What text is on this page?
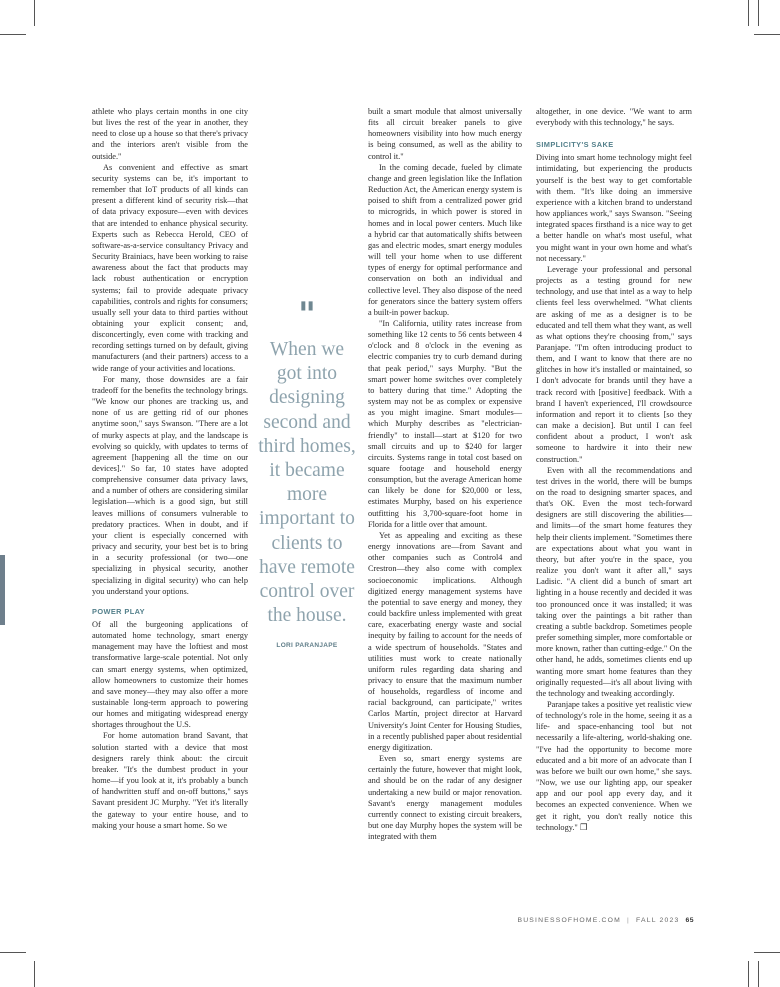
athlete who plays certain months in one city but lives the rest of the year in another, they need to close up a house so that there's privacy and the interiors aren't visible from the outside."

As convenient and effective as smart security systems can be, it's important to remember that IoT products of all kinds can present a different kind of security risk—that of data privacy exposure—even with devices that are intended to enhance physical security. Experts such as Rebecca Herold, CEO of software-as-a-service consultancy Privacy and Security Brainiacs, have been working to raise awareness about the fact that products may lack robust authentication or encryption systems; fail to provide adequate privacy capabilities, controls and rights for consumers; usually sell your data to third parties without obtaining your explicit consent; and, disconcertingly, even come with tracking and recording settings turned on by default, giving manufacturers (and their partners) access to a wide range of your activities and locations.

For many, those downsides are a fair tradeoff for the benefits the technology brings. "We know our phones are tracking us, and none of us are getting rid of our phones anytime soon," says Swanson. "There are a lot of murky aspects at play, and the landscape is evolving so quickly, with updates to terms of agreement [happening all the time on our devices]." So far, 10 states have adopted comprehensive consumer data privacy laws, and a number of others are considering similar legislation—which is a good sign, but still leaves millions of consumers vulnerable to predatory practices. When in doubt, and if your client is especially concerned with privacy and security, your best bet is to bring in a security professional (or two—one specializing in physical security, another specializing in digital security) who can help you understand your options.

POWER PLAY

Of all the burgeoning applications of automated home technology, smart energy management may have the loftiest and most transformative large-scale potential. Not only can smart energy systems, when optimized, allow homeowners to customize their homes and save money—they may also offer a more sustainable long-term approach to powering our homes and mitigating widespread energy shortages throughout the U.S.

For home automation brand Savant, that solution started with a device that most designers rarely think about: the circuit breaker. "It's the dumbest product in your home—if you look at it, it's probably a bunch of handwritten stuff and on-off buttons," says Savant president JC Murphy. "Yet it's literally the gateway to your entire house, and to making your house a smart home. So we

"
When we got into designing second and third homes, it became more important to clients to have remote control over the house.
LORI PARANJAPE

built a smart module that almost universally fits all circuit breaker panels to give homeowners visibility into how much energy is being consumed, as well as the ability to control it."

In the coming decade, fueled by climate change and green legislation like the Inflation Reduction Act, the American energy system is poised to shift from a centralized power grid to microgrids, in which power is stored in homes and in local power centers. Much like a hybrid car that automatically shifts between gas and electric modes, smart energy modules will tell your home when to use different types of energy for optimal performance and conservation on both an individual and collective level. They also dispose of the need for generators since the battery system offers a built-in power backup.

"In California, utility rates increase from something like 12 cents to 56 cents between 4 o'clock and 8 o'clock in the evening as electric companies try to curb demand during that peak period," says Murphy. "But the smart power home switches over completely to battery during that time." Adopting the system may not be as complex or expensive as you might imagine. Smart modules—which Murphy describes as "electrician-friendly" to install—start at $120 for two small circuits and up to $240 for larger circuits. Systems range in total cost based on square footage and household energy consumption, but the average American home can likely be done for $20,000 or less, estimates Murphy, based on his experience outfitting his 3,700-square-foot home in Florida for a little over that amount.

Yet as appealing and exciting as these energy innovations are—from Savant and other companies such as Control4 and Crestron—they also come with complex socioeconomic implications. Although digitized energy management systems have the potential to save energy and money, they could backfire unless implemented with great care, exacerbating energy waste and social inequity by failing to account for the needs of a wide spectrum of households. "States and utilities must work to create nationally uniform rules regarding data sharing and privacy to ensure that the maximum number of households, regardless of income and racial background, can participate," writes Carlos Martín, project director at Harvard University's Joint Center for Housing Studies, in a recently published paper about residential energy digitization.

Even so, smart energy systems are certainly the future, however that might look, and should be on the radar of any designer undertaking a new build or major renovation. Savant's energy management modules currently connect to existing circuit breakers, but one day Murphy hopes the system will be integrated with them

altogether, in one device. "We want to arm everybody with this technology," he says.

SIMPLICITY'S SAKE

Diving into smart home technology might feel intimidating, but experiencing the products yourself is the best way to get comfortable with them. "It's like doing an immersive experience with a kitchen brand to understand how appliances work," says Swanson. "Seeing integrated spaces firsthand is a nice way to get a better handle on what's most useful, what you might want in your own home and what's not necessary."

Leverage your professional and personal projects as a testing ground for new technology, and use that intel as a way to help clients feel less overwhelmed. "What clients are asking of me as a designer is to be educated and tell them what they want, as well as what options they're choosing from," says Paranjape. "I'm often introducing product to them, and I want to know that there are no glitches in how it's installed or maintained, so I don't advocate for brands until they have a track record with [positive] feedback. With a brand I haven't experienced, I'll crowdsource information and report it to clients [so they can make a decision]. But until I can feel confident about a product, I won't ask someone to hardwire it into their new construction."

Even with all the recommendations and test drives in the world, there will be bumps on the road to designing smarter spaces, and that's OK. Even the most tech-forward designers are still discovering the abilities—and limits—of the smart home features they help their clients implement. "Sometimes there are expectations about what you want in theory, but after you're in the space, you realize you don't want it after all," says Ladisic. "A client did a bunch of smart art lighting in a house recently and decided it was too pronounced once it was installed; it was taking over the paintings a bit rather than creating a subtle backdrop. Sometimes people prefer something simpler, more comfortable or more known, rather than cutting-edge." On the other hand, he adds, sometimes clients end up wanting more smart home features than they originally requested—it's all about living with the technology and tweaking accordingly.

Paranjape takes a positive yet realistic view of technology's role in the home, seeing it as a life- and space-enhancing tool but not necessarily a life-altering, world-shaking one. "I've had the opportunity to become more educated and a bit more of an advocate than I was before we built our own home," she says. "Now, we use our lighting app, our speaker app and our pool app every day, and it becomes an expected convenience. When we get it right, you don't really notice this technology." ❐

BUSINESSOFHOME.COM | FALL 2023 65
